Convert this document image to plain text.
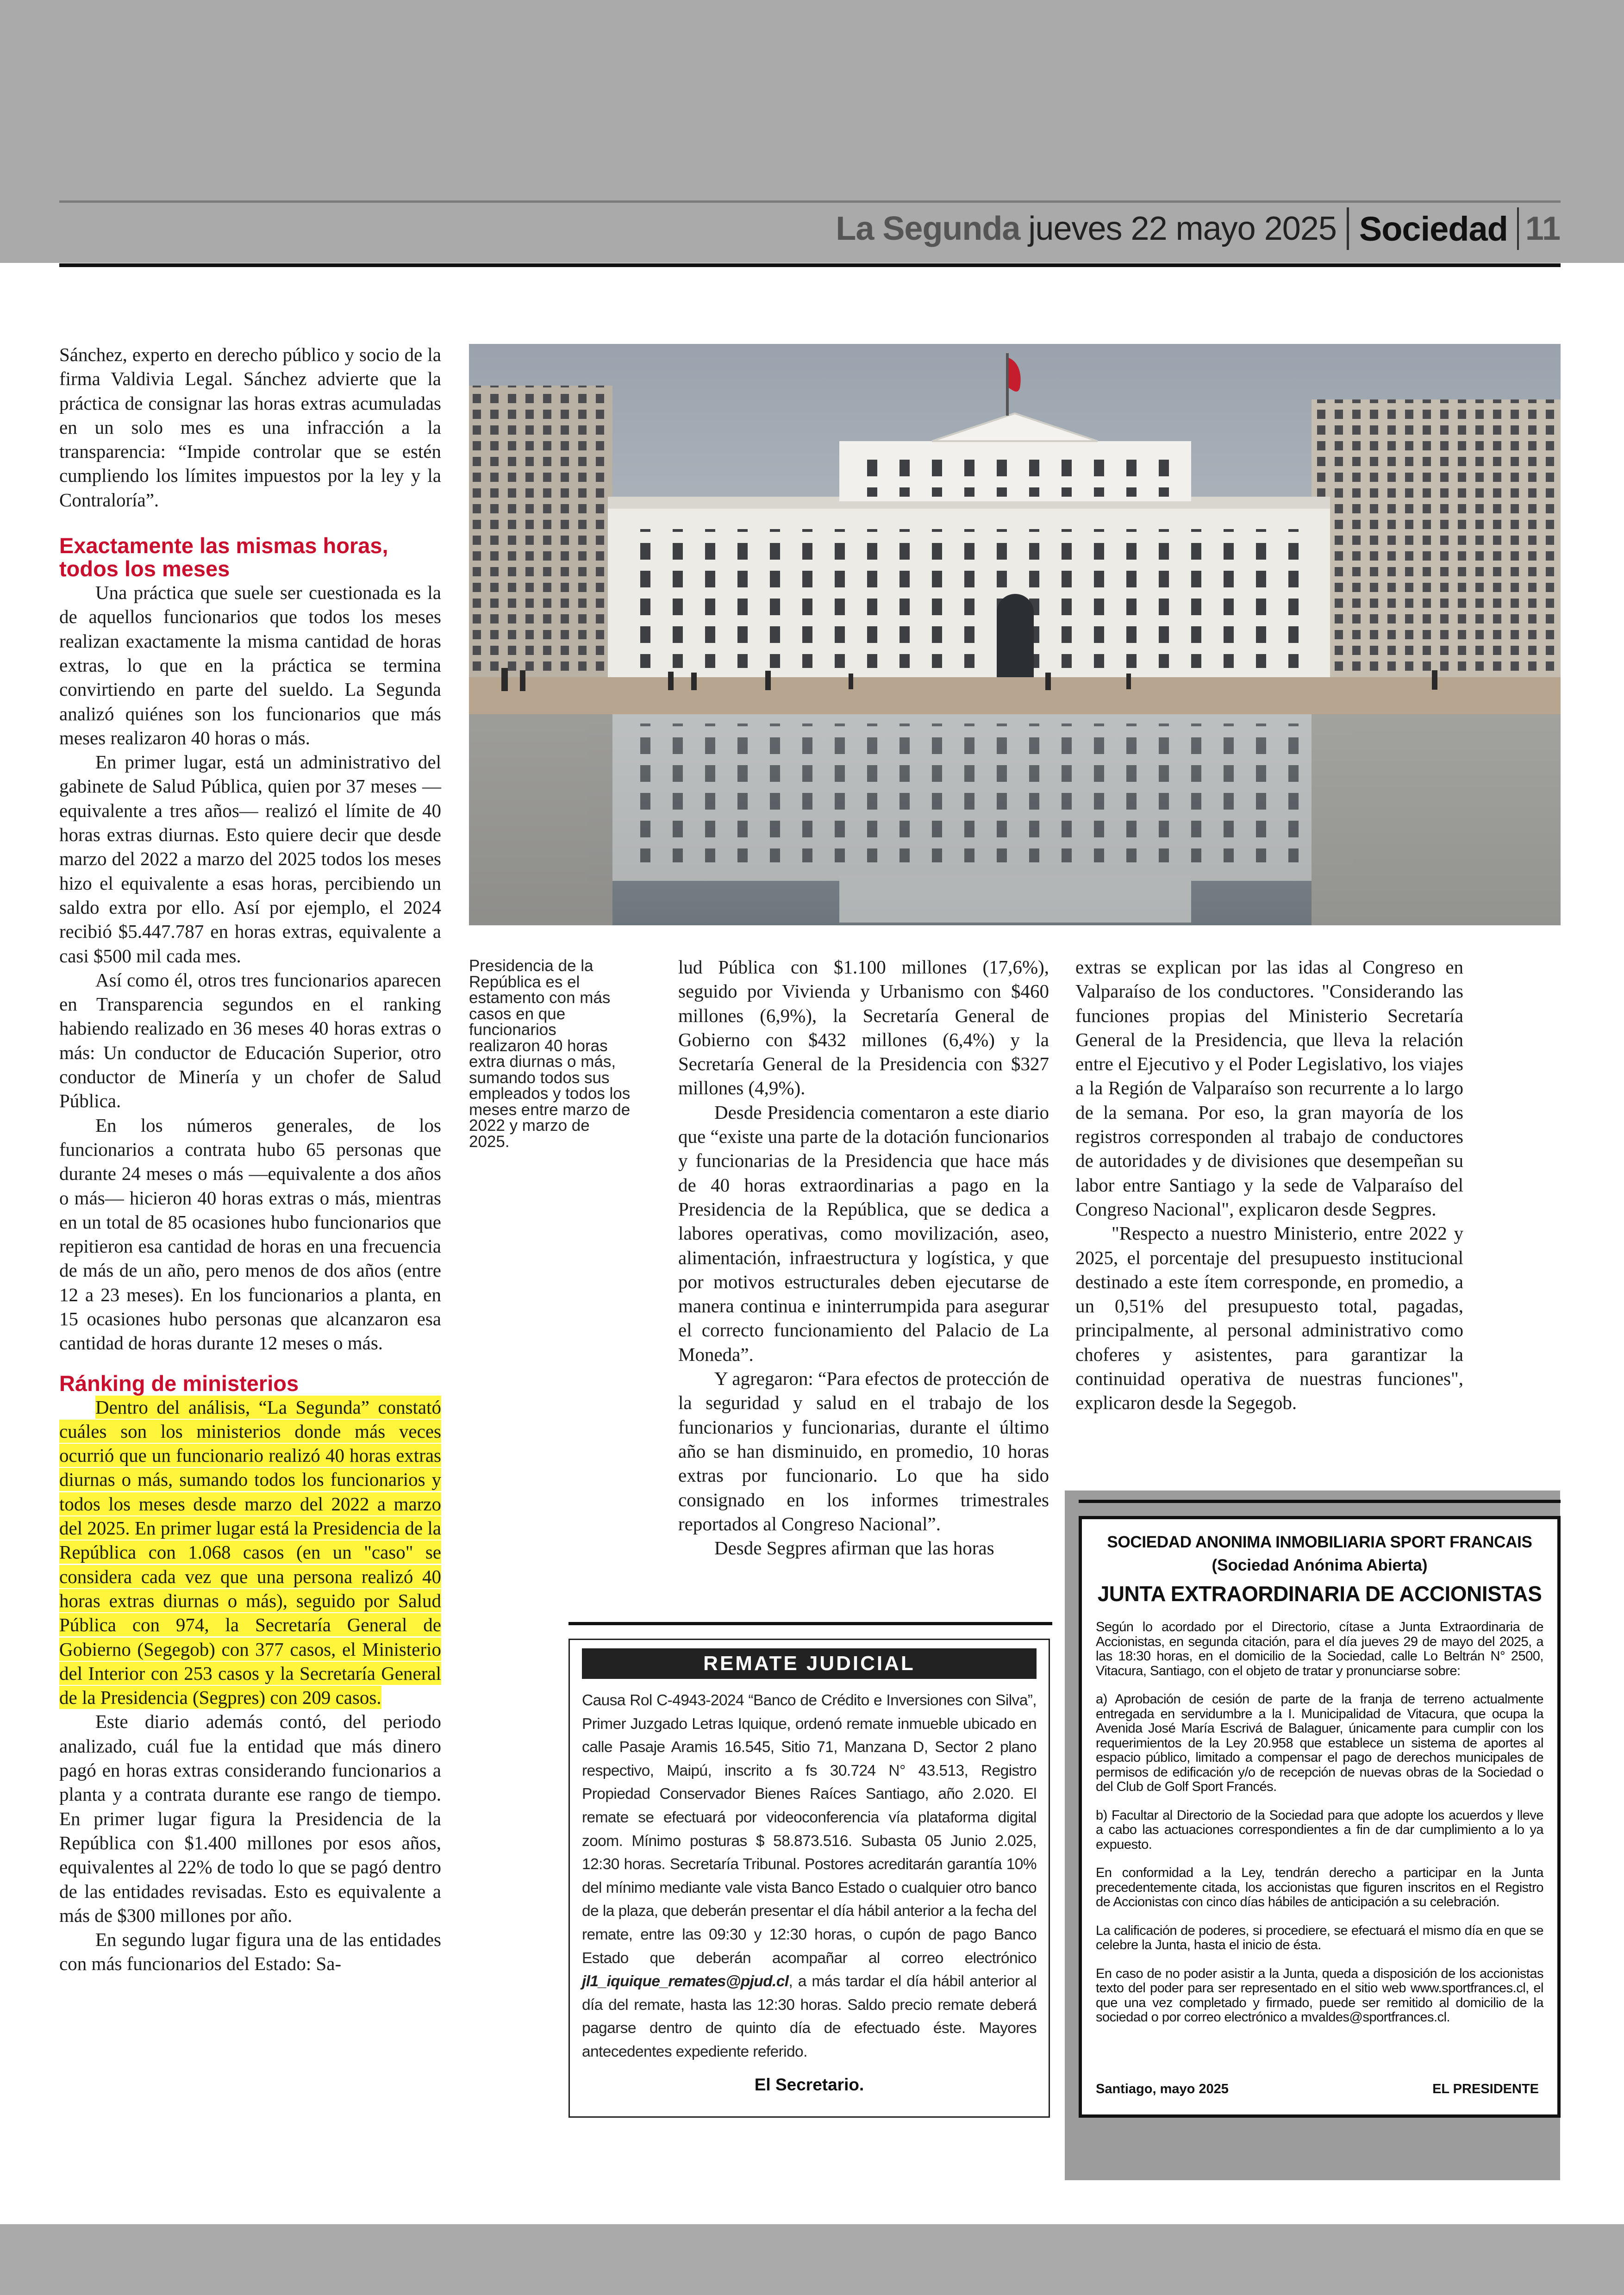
La Segunda jueves 22 mayo 2025 Sociedad 11

Sánchez, experto en derecho público y socio de la firma Valdivia Legal. Sánchez advierte que la práctica de consignar las horas extras acumuladas en un solo mes es una infracción a la transparencia: “Impide controlar que se estén cumpliendo los límites impuestos por la ley y la Contraloría”.

Exactamente las mismas horas, todos los meses

Una práctica que suele ser cuestionada es la de aquellos funcionarios que todos los meses realizan exactamente la misma cantidad de horas extras, lo que en la práctica se termina convirtiendo en parte del sueldo. La Segunda analizó quiénes son los funcionarios que más meses realizaron 40 horas o más.

En primer lugar, está un administrativo del gabinete de Salud Pública, quien por 37 meses —equivalente a tres años— realizó el límite de 40 horas extras diurnas. Esto quiere decir que desde marzo del 2022 a marzo del 2025 todos los meses hizo el equivalente a esas horas, percibiendo un saldo extra por ello. Así por ejemplo, el 2024 recibió $5.447.787 en horas extras, equivalente a casi $500 mil cada mes.

Así como él, otros tres funcionarios aparecen en Transparencia segundos en el ranking habiendo realizado en 36 meses 40 horas extras o más: Un conductor de Educación Superior, otro conductor de Minería y un chofer de Salud Pública.

En los números generales, de los funcionarios a contrata hubo 65 personas que durante 24 meses o más —equivalente a dos años o más— hicieron 40 horas extras o más, mientras en un total de 85 ocasiones hubo funcionarios que repitieron esa cantidad de horas en una frecuencia de más de un año, pero menos de dos años (entre 12 a 23 meses). En los funcionarios a planta, en 15 ocasiones hubo personas que alcanzaron esa cantidad de horas durante 12 meses o más.

Ránking de ministerios

Dentro del análisis, “La Segunda” constató cuáles son los ministerios donde más veces ocurrió que un funcionario realizó 40 horas extras diurnas o más, sumando todos los funcionarios y todos los meses desde marzo del 2022 a marzo del 2025. En primer lugar está la Presidencia de la República con 1.068 casos (en un "caso" se considera cada vez que una persona realizó 40 horas extras diurnas o más), seguido por Salud Pública con 974, la Secretaría General de Gobierno (Segegob) con 377 casos, el Ministerio del Interior con 253 casos y la Secretaría General de la Presidencia (Segpres) con 209 casos.

Este diario además contó, del periodo analizado, cuál fue la entidad que más dinero pagó en horas extras considerando funcionarios a planta y a contrata durante ese rango de tiempo. En primer lugar figura la Presidencia de la República con $1.400 millones por esos años, equivalentes al 22% de todo lo que se pagó dentro de las entidades revisadas. Esto es equivalente a más de $300 millones por año.

En segundo lugar figura una de las entidades con más funcionarios del Estado: Sa-

Presidencia de la República es el estamento con más casos en que funcionarios realizaron 40 horas extra diurnas o más, sumando todos sus empleados y todos los meses entre marzo de 2022 y marzo de 2025.

lud Pública con $1.100 millones (17,6%), seguido por Vivienda y Urbanismo con $460 millones (6,9%), la Secretaría General de Gobierno con $432 millones (6,4%) y la Secretaría General de la Presidencia con $327 millones (4,9%).

Desde Presidencia comentaron a este diario que “existe una parte de la dotación funcionarios y funcionarias de la Presidencia que hace más de 40 horas extraordinarias a pago en la Presidencia de la República, que se dedica a labores operativas, como movilización, aseo, alimentación, infraestructura y logística, y que por motivos estructurales deben ejecutarse de manera continua e ininterrumpida para asegurar el correcto funcionamiento del Palacio de La Moneda”.

Y agregaron: “Para efectos de protección de la seguridad y salud en el trabajo de los funcionarios y funcionarias, durante el último año se han disminuido, en promedio, 10 horas extras por funcionario. Lo que ha sido consignado en los informes trimestrales reportados al Congreso Nacional”.

Desde Segpres afirman que las horas

extras se explican por las idas al Congreso en Valparaíso de los conductores. "Considerando las funciones propias del Ministerio Secretaría General de la Presidencia, que lleva la relación entre el Ejecutivo y el Poder Legislativo, los viajes a la Región de Valparaíso son recurrente a lo largo de la semana. Por eso, la gran mayoría de los registros corresponden al trabajo de conductores de autoridades y de divisiones que desempeñan su labor entre Santiago y la sede de Valparaíso del Congreso Nacional", explicaron desde Segpres.

"Respecto a nuestro Ministerio, entre 2022 y 2025, el porcentaje del presupuesto institucional destinado a este ítem corresponde, en promedio, a un 0,51% del presupuesto total, pagadas, principalmente, al personal administrativo como choferes y asistentes, para garantizar la continuidad operativa de nuestras funciones", explicaron desde la Segegob.

REMATE JUDICIAL
Causa Rol C-4943-2024 “Banco de Crédito e Inversiones con Silva”, Primer Juzgado Letras Iquique, ordenó remate inmueble ubicado en calle Pasaje Aramis 16.545, Sitio 71, Manzana D, Sector 2 plano respectivo, Maipú, inscrito a fs 30.724 N° 43.513, Registro Propiedad Conservador Bienes Raíces Santiago, año 2.020. El remate se efectuará por videoconferencia vía plataforma digital zoom. Mínimo posturas $ 58.873.516. Subasta 05 Junio 2.025, 12:30 horas. Secretaría Tribunal. Postores acreditarán garantía 10% del mínimo mediante vale vista Banco Estado o cualquier otro banco de la plaza, que deberán presentar el día hábil anterior a la fecha del remate, entre las 09:30 y 12:30 horas, o cupón de pago Banco Estado que deberán acompañar al correo electrónico jl1_iquique_remates@pjud.cl, a más tardar el día hábil anterior al día del remate, hasta las 12:30 horas. Saldo precio remate deberá pagarse dentro de quinto día de efectuado éste. Mayores antecedentes expediente referido.
El Secretario.
SOCIEDAD ANONIMA INMOBILIARIA SPORT FRANCAIS
(Sociedad Anónima Abierta)
JUNTA EXTRAORDINARIA DE ACCIONISTAS

Según lo acordado por el Directorio, cítase a Junta Extraordinaria de Accionistas, en segunda citación, para el día jueves 29 de mayo del 2025, a las 18:30 horas, en el domicilio de la Sociedad, calle Lo Beltrán N° 2500, Vitacura, Santiago, con el objeto de tratar y pronunciarse sobre:

a) Aprobación de cesión de parte de la franja de terreno actualmente entregada en servidumbre a la I. Municipalidad de Vitacura, que ocupa la Avenida José María Escrivá de Balaguer, únicamente para cumplir con los requerimientos de la Ley 20.958 que establece un sistema de aportes al espacio público, limitado a compensar el pago de derechos municipales de permisos de edificación y/o de recepción de nuevas obras de la Sociedad o del Club de Golf Sport Francés.

b) Facultar al Directorio de la Sociedad para que adopte los acuerdos y lleve a cabo las actuaciones correspondientes a fin de dar cumplimiento a lo ya expuesto.

En conformidad a la Ley, tendrán derecho a participar en la Junta precedentemente citada, los accionistas que figuren inscritos en el Registro de Accionistas con cinco días hábiles de anticipación a su celebración.

La calificación de poderes, si procediere, se efectuará el mismo día en que se celebre la Junta, hasta el inicio de ésta.

En caso de no poder asistir a la Junta, queda a disposición de los accionistas texto del poder para ser representado en el sitio web www.sportfrances.cl, el que una vez completado y firmado, puede ser remitido al domicilio de la sociedad o por correo electrónico a mvaldes@sportfrances.cl.

Santiago, mayo 2025	EL PRESIDENTE
